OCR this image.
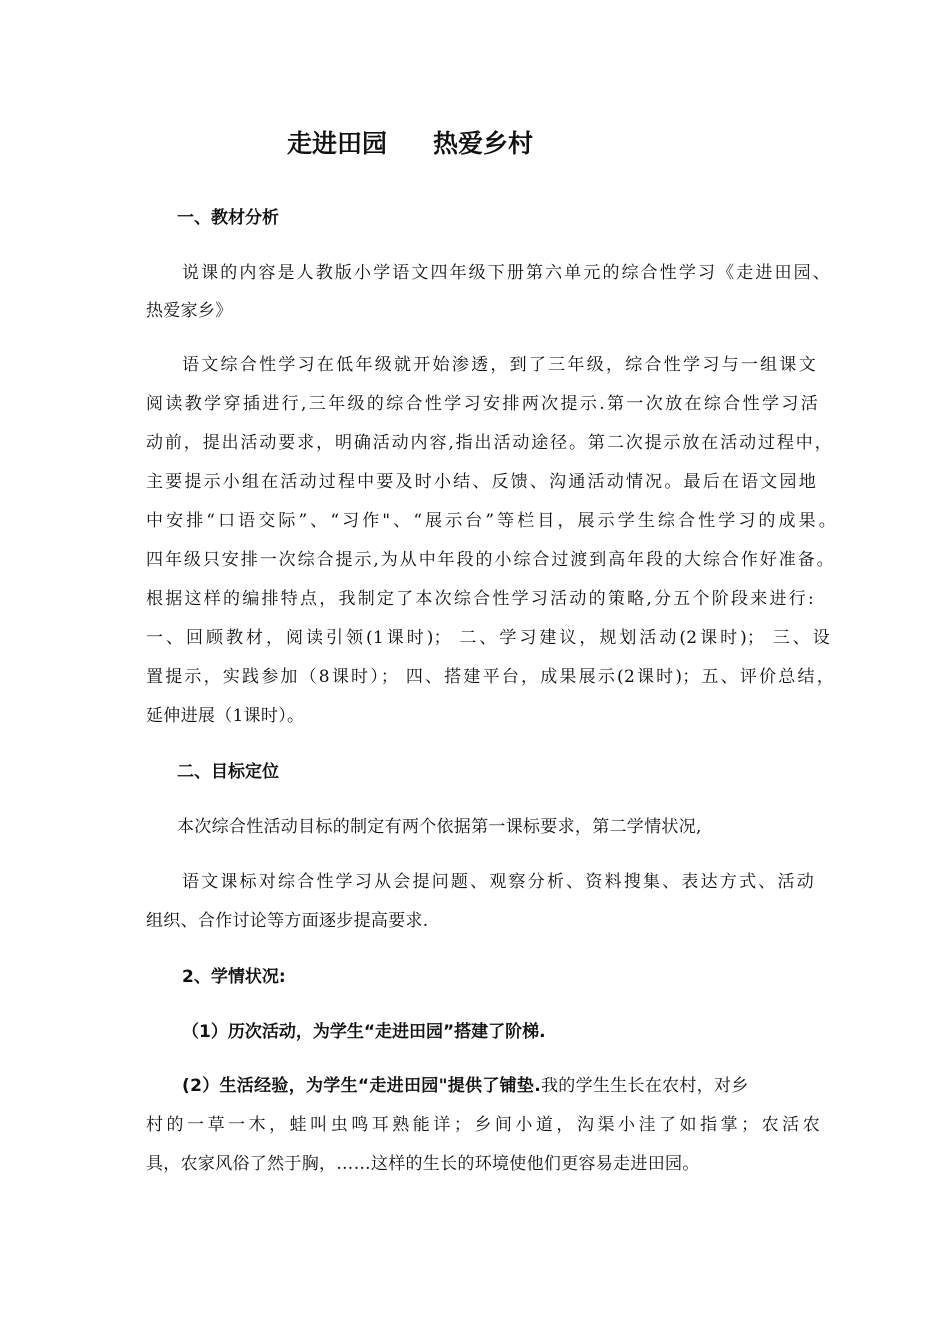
走进田园 热爱乡村
一、教材分析
说课的内容是人教版小学语文四年级下册第六单元的综合性学习《走进田园、
热爱家乡》
语文综合性学习在低年级就开始渗透，到了三年级，综合性学习与一组课文
阅读教学穿插进行,三年级的综合性学习安排两次提示.第一次放在综合性学习活
动前，提出活动要求，明确活动内容,指出活动途径。第二次提示放在活动过程中，
主要提示小组在活动过程中要及时小结、反馈、沟通活动情况。最后在语文园地
中安排“口语交际”、“习作"、“展示台”等栏目，展示学生综合性学习的成果。
四年级只安排一次综合提示,为从中年段的小综合过渡到高年段的大综合作好准备。
根据这样的编排特点，我制定了本次综合性学习活动的策略,分五个阶段来进行:
一、回顾教材，阅读引领(1课时)； 二、学习建议，规划活动(2课时)； 三、设
置提示，实践参加（8课时）； 四、搭建平台，成果展示(2课时)；五、评价总结，
延伸进展（1课时）。
二、目标定位
本次综合性活动目标的制定有两个依据第一课标要求，第二学情状况,
语文课标对综合性学习从会提问题、观察分析、资料搜集、表达方式、活动
组织、合作讨论等方面逐步提高要求.
2、学情状况:
（1）历次活动，为学生“走进田园”搭建了阶梯.
(2）生活经验，为学生“走进田园"提供了铺垫.我的学生生长在农村，对乡
村的一草一木，蛙叫虫鸣耳熟能详；乡间小道，沟渠小洼了如指掌；农活农
具，农家风俗了然于胸，……这样的生长的环境使他们更容易走进田园。
